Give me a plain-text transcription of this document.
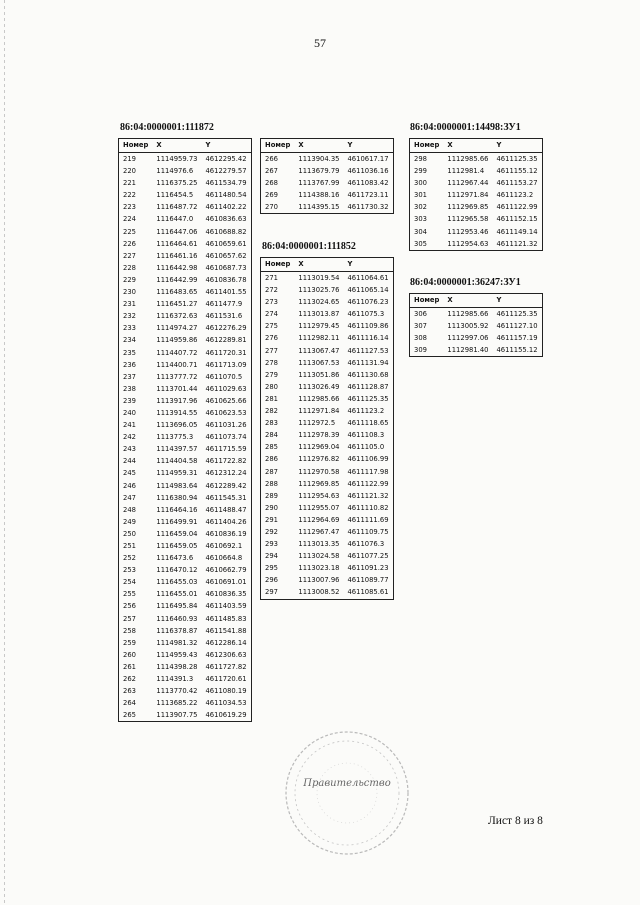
57
86:04:0000001:111872
Номер	X	Y
219	1114959.73	4612295.42
220	1114976.6	4612279.57
221	1116375.25	4611534.79
222	1116454.5	4611480.54
223	1116487.72	4611402.22
224	1116447.0	4610836.63
225	1116447.06	4610688.82
226	1116464.61	4610659.61
227	1116461.16	4610657.62
228	1116442.98	4610687.73
229	1116442.99	4610836.78
230	1116483.65	4611401.55
231	1116451.27	4611477.9
232	1116372.63	4611531.6
233	1114974.27	4612276.29
234	1114959.86	4612289.81
235	1114407.72	4611720.31
236	1114400.71	4611713.09
237	1113777.72	4611070.5
238	1113701.44	4611029.63
239	1113917.96	4610625.66
240	1113914.55	4610623.53
241	1113696.05	4611031.26
242	1113775.3	4611073.74
243	1114397.57	4611715.59
244	1114404.58	4611722.82
245	1114959.31	4612312.24
246	1114983.64	4612289.42
247	1116380.94	4611545.31
248	1116464.16	4611488.47
249	1116499.91	4611404.26
250	1116459.04	4610836.19
251	1116459.05	4610692.1
252	1116473.6	4610664.8
253	1116470.12	4610662.79
254	1116455.03	4610691.01
255	1116455.01	4610836.35
256	1116495.84	4611403.59
257	1116460.93	4611485.83
258	1116378.87	4611541.88
259	1114981.32	4612286.14
260	1114959.43	4612306.63
261	1114398.28	4611727.82
262	1114391.3	4611720.61
263	1113770.42	4611080.19
264	1113685.22	4611034.53
265	1113907.75	4610619.29
Номер	X	Y
266	1113904.35	4610617.17
267	1113679.79	4611036.16
268	1113767.99	4611083.42
269	1114388.16	4611723.11
270	1114395.15	4611730.32
86:04:0000001:111852
Номер	X	Y
271	1113019.54	4611064.61
272	1113025.76	4611065.14
273	1113024.65	4611076.23
274	1113013.87	4611075.3
275	1112979.45	4611109.86
276	1112982.11	4611116.14
277	1113067.47	4611127.53
278	1113067.53	4611131.94
279	1113051.86	4611130.68
280	1113026.49	4611128.87
281	1112985.66	4611125.35
282	1112971.84	4611123.2
283	1112972.5	4611118.65
284	1112978.39	4611108.3
285	1112969.04	4611105.0
286	1112976.82	4611106.99
287	1112970.58	4611117.98
288	1112969.85	4611122.99
289	1112954.63	4611121.32
290	1112955.07	4611110.82
291	1112964.69	4611111.69
292	1112967.47	4611109.75
293	1113013.35	4611076.3
294	1113024.58	4611077.25
295	1113023.18	4611091.23
296	1113007.96	4611089.77
297	1113008.52	4611085.61
86:04:0000001:14498:ЗУ1
Номер	X	Y
298	1112985.66	4611125.35
299	1112981.4	4611155.12
300	1112967.44	4611153.27
301	1112971.84	4611123.2
302	1112969.85	4611122.99
303	1112965.58	4611152.15
304	1112953.46	4611149.14
305	1112954.63	4611121.32
86:04:0000001:36247:ЗУ1
Номер	X	Y
306	1112985.66	4611125.35
307	1113005.92	4611127.10
308	1112997.06	4611157.19
309	1112981.40	4611155.12
Правительство
Лист 8 из 8
